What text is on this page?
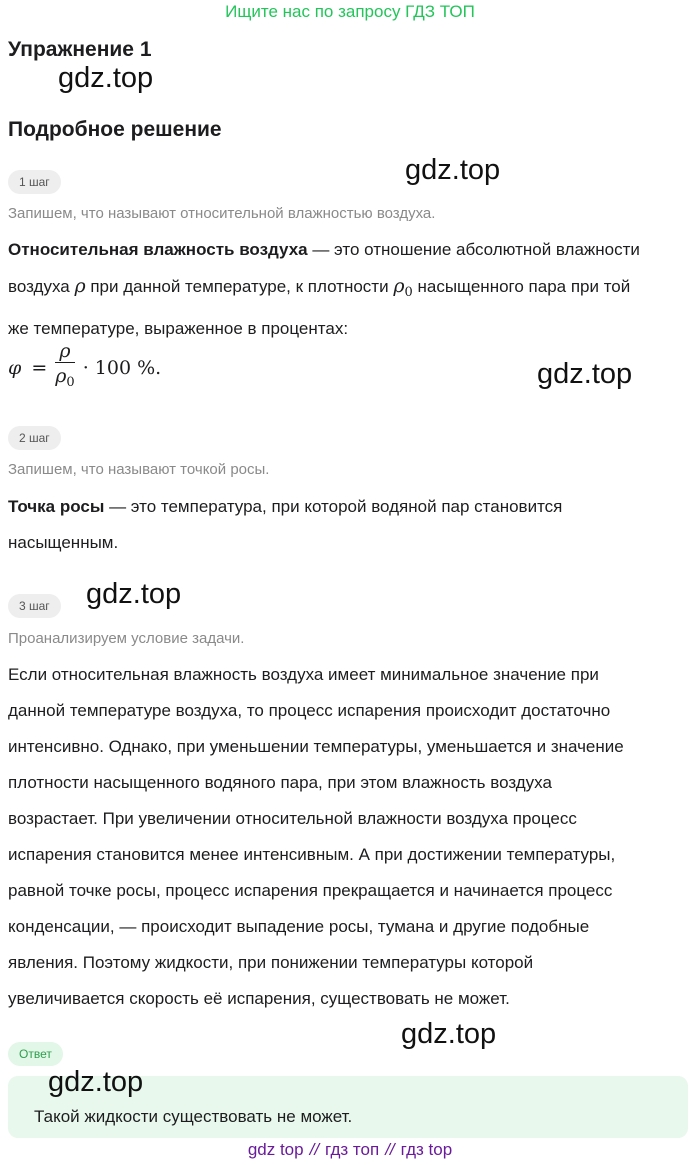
Ищите нас по запросу ГДЗ ТОП
Упражнение 1
gdz.top
Подробное решение
gdz.top
1 шаг
Запишем, что называют относительной влажностью воздуха.
Относительная влажность воздуха — это отношение абсолютной влажности
воздуха ρ при данной температуре, к плотности $\rho_0$ насыщенного пара при той
же температуре, выраженное в процентах:
$\varphi = \frac{\rho}{\rho_0} \cdot 100$ %.	gdz.top
2 шаг
Запишем, что называют точкой росы.
Точка росы — это температура, при которой водяной пар становится
насыщенным.
3 шаг	gdz.top
Проанализируем условие задачи.
Если относительная влажность воздуха имеет минимальное значение при
данной температуре воздуха, то процесс испарения происходит достаточно
интенсивно. Однако, при уменьшении температуры, уменьшается и значение
плотности насыщенного водяного пара, при этом влажность воздуха
возрастает. При увеличении относительной влажности воздуха процесс
испарения становится менее интенсивным. А при достижении температуры,
равной точке росы, процесс испарения прекращается и начинается процесс
конденсации, — происходит выпадение росы, тумана и другие подобные
явления. Поэтому жидкости, при понижении температуры которой
увеличивается скорость её испарения, существовать не может.
gdz.top
Ответ
gdz.top
Такой жидкости существовать не может.
gdz top // гдз топ // гдз top
